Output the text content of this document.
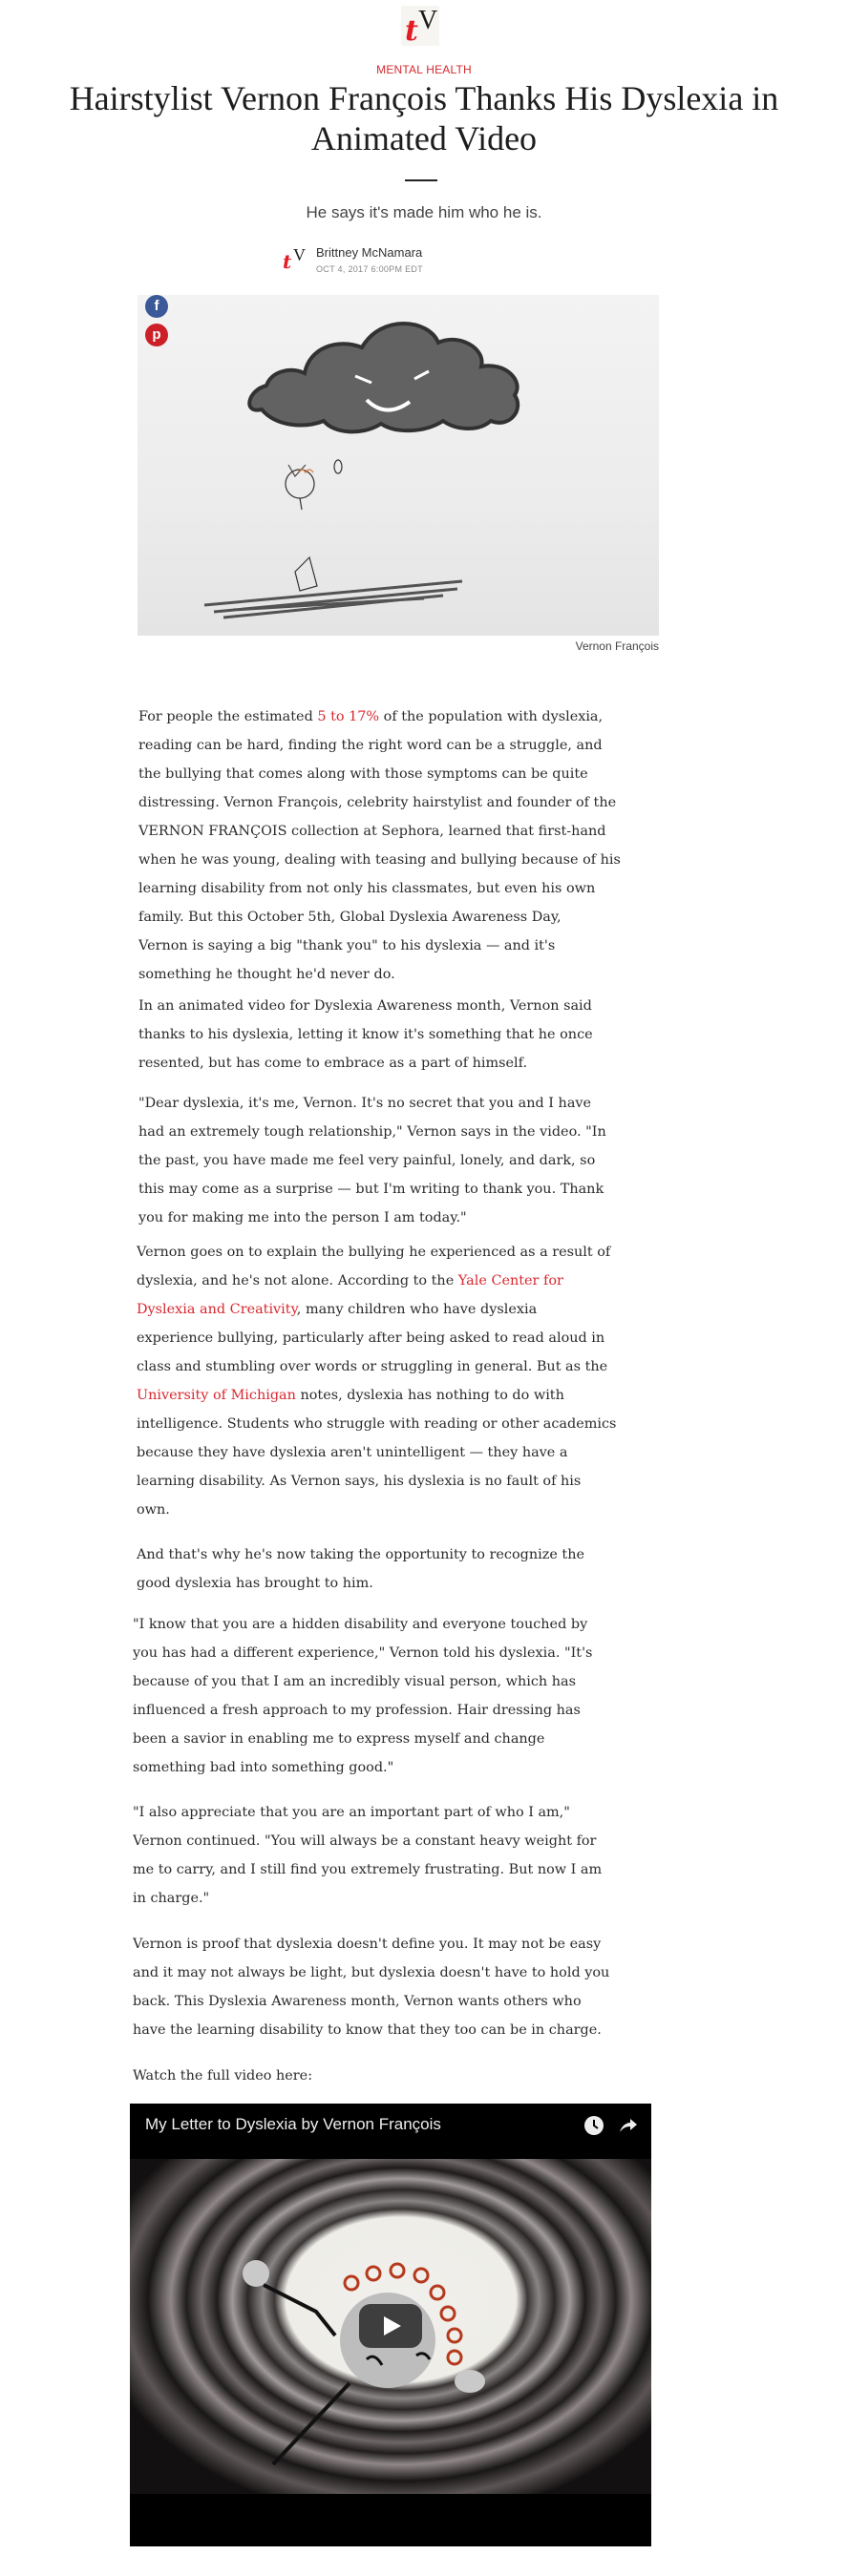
t V
MENTAL HEALTH
Hairstylist Vernon François Thanks His Dyslexia in Animated Video
He says it's made him who he is.
t V Brittney McNamara
OCT 4, 2017 6:00PM EDT
f
p
Vernon François
For people the estimated 5 to 17% of the population with dyslexia,
reading can be hard, finding the right word can be a struggle, and
the bullying that comes along with those symptoms can be quite
distressing. Vernon François, celebrity hairstylist and founder of the
VERNON FRANÇOIS collection at Sephora, learned that first-hand
when he was young, dealing with teasing and bullying because of his
learning disability from not only his classmates, but even his own
family. But this October 5th, Global Dyslexia Awareness Day,
Vernon is saying a big "thank you" to his dyslexia — and it's
something he thought he'd never do.
In an animated video for Dyslexia Awareness month, Vernon said
thanks to his dyslexia, letting it know it's something that he once
resented, but has come to embrace as a part of himself.
"Dear dyslexia, it's me, Vernon. It's no secret that you and I have
had an extremely tough relationship," Vernon says in the video. "In
the past, you have made me feel very painful, lonely, and dark, so
this may come as a surprise — but I'm writing to thank you. Thank
you for making me into the person I am today."
Vernon goes on to explain the bullying he experienced as a result of
dyslexia, and he's not alone. According to the Yale Center for
Dyslexia and Creativity, many children who have dyslexia
experience bullying, particularly after being asked to read aloud in
class and stumbling over words or struggling in general. But as the
University of Michigan notes, dyslexia has nothing to do with
intelligence. Students who struggle with reading or other academics
because they have dyslexia aren't unintelligent — they have a
learning disability. As Vernon says, his dyslexia is no fault of his
own.
And that's why he's now taking the opportunity to recognize the
good dyslexia has brought to him.
"I know that you are a hidden disability and everyone touched by
you has had a different experience," Vernon told his dyslexia. "It's
because of you that I am an incredibly visual person, which has
influenced a fresh approach to my profession. Hair dressing has
been a savior in enabling me to express myself and change
something bad into something good."
"I also appreciate that you are an important part of who I am,"
Vernon continued. "You will always be a constant heavy weight for
me to carry, and I still find you extremely frustrating. But now I am
in charge."
Vernon is proof that dyslexia doesn't define you. It may not be easy
and it may not always be light, but dyslexia doesn't have to hold you
back. This Dyslexia Awareness month, Vernon wants others who
have the learning disability to know that they too can be in charge.
Watch the full video here:
My Letter to Dyslexia by Vernon François
